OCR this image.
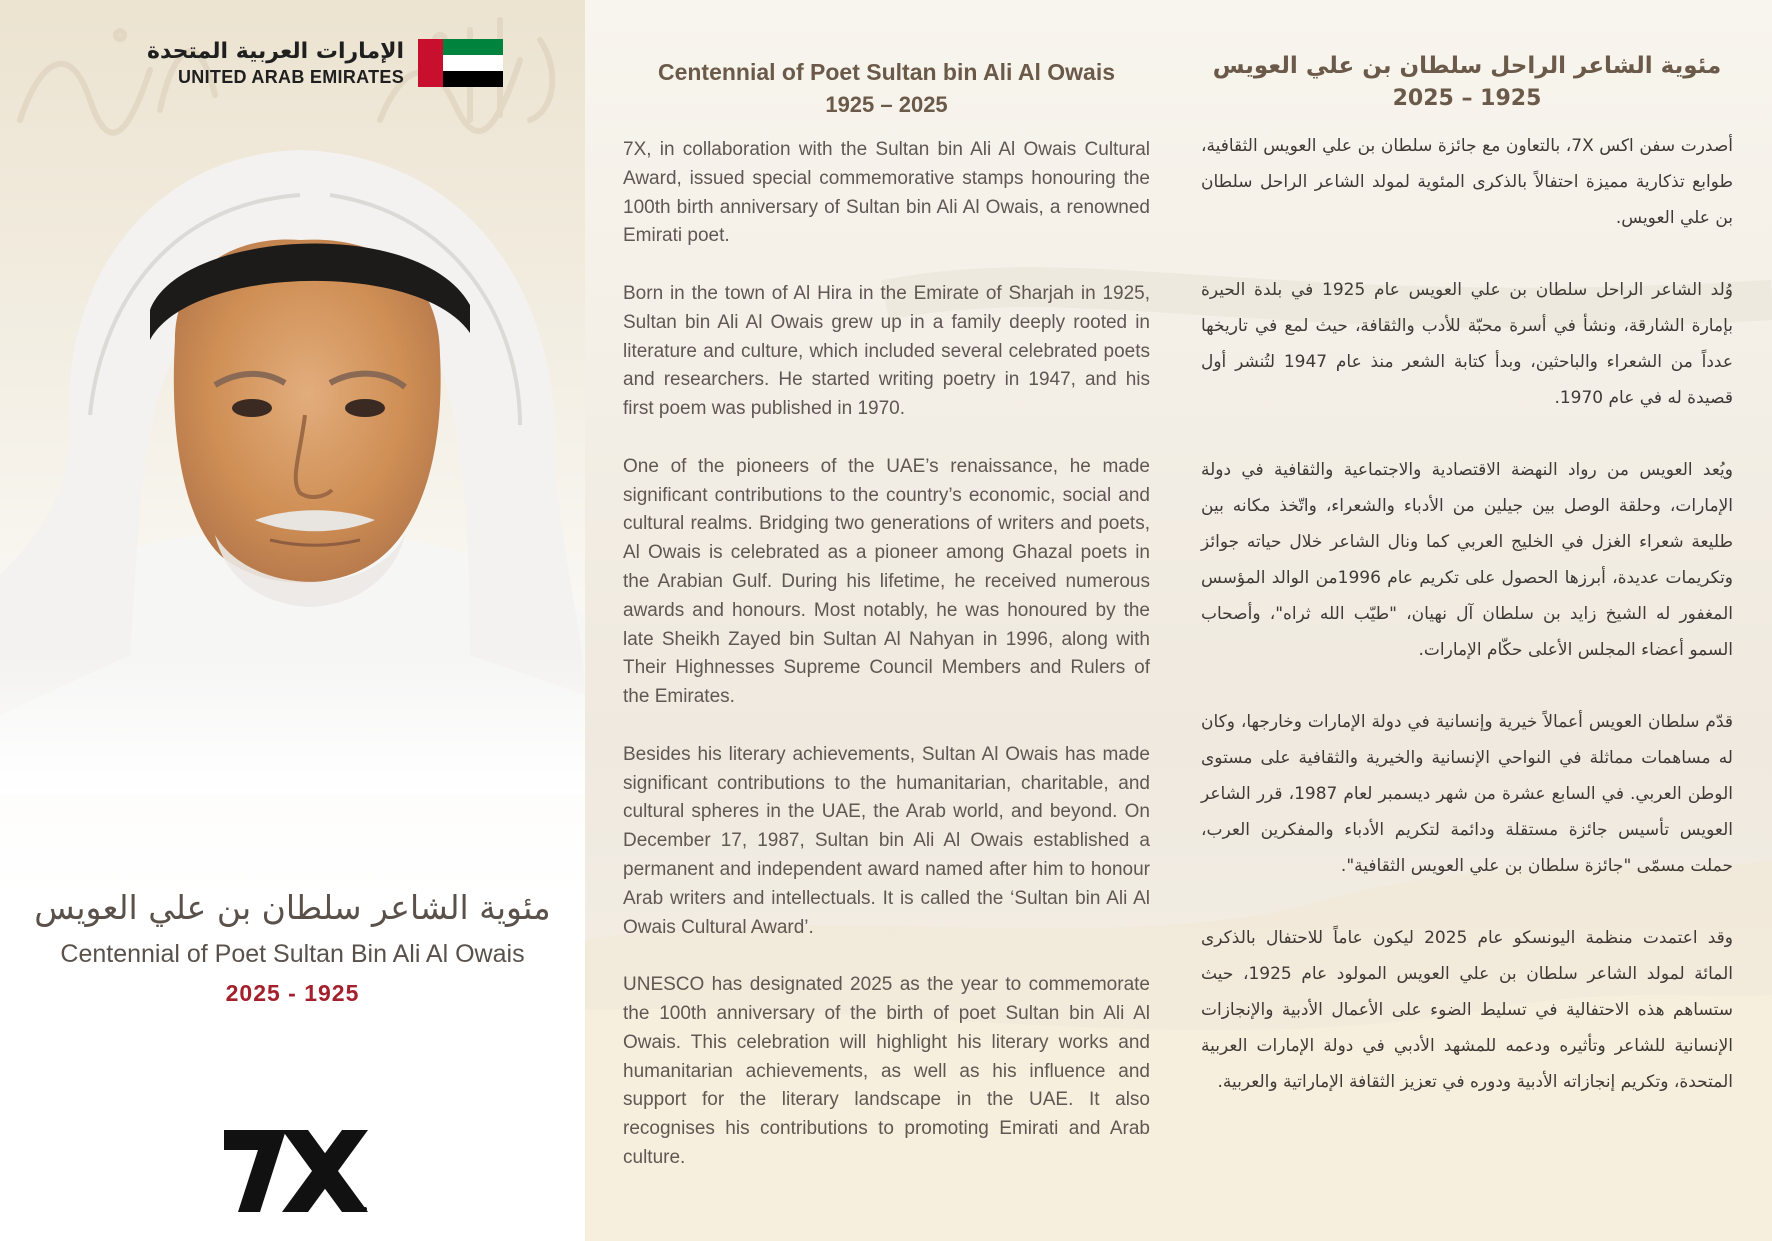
الإمارات العربية المتحدة
UNITED ARAB EMIRATES
مئوية الشاعر سلطان بن علي العويس
Centennial of Poet Sultan Bin Ali Al Owais
2025 - 1925
Centennial of Poet Sultan bin Ali Al Owais
1925 – 2025

7X, in collaboration with the Sultan bin Ali Al Owais Cultural Award, issued special commemorative stamps honouring the 100th birth anniversary of Sultan bin Ali Al Owais, a renowned Emirati poet.

Born in the town of Al Hira in the Emirate of Sharjah in 1925, Sultan bin Ali Al Owais grew up in a family deeply rooted in literature and culture, which included several celebrated poets and researchers. He started writing poetry in 1947, and his first poem was published in 1970.

One of the pioneers of the UAE’s renaissance, he made significant contributions to the country’s economic, social and cultural realms. Bridging two generations of writers and poets, Al Owais is celebrated as a pioneer among Ghazal poets in the Arabian Gulf. During his lifetime, he received numerous awards and honours. Most notably, he was honoured by the late Sheikh Zayed bin Sultan Al Nahyan in 1996, along with Their Highnesses Supreme Council Members and Rulers of the Emirates.

Besides his literary achievements, Sultan Al Owais has made significant contributions to the humanitarian, charitable, and cultural spheres in the UAE, the Arab world, and beyond. On December 17, 1987, Sultan bin Ali Al Owais established a permanent and independent award named after him to honour Arab writers and intellectuals. It is called the ‘Sultan bin Ali Al Owais Cultural Award’.

UNESCO has designated 2025 as the year to commemorate the 100th anniversary of the birth of poet Sultan bin Ali Al Owais. This celebration will highlight his literary works and humanitarian achievements, as well as his influence and support for the literary landscape in the UAE. It also recognises his contributions to promoting Emirati and Arab culture.

مئوية الشاعر الراحل سلطان بن علي العويس
1925 – 2025

أصدرت سفن اكس 7X، بالتعاون مع جائزة سلطان بن علي العويس الثقافية، طوابع تذكارية مميزة احتفالاً بالذكرى المئوية لمولد الشاعر الراحل سلطان بن علي العويس.

وُلد الشاعر الراحل سلطان بن علي العويس عام 1925 في بلدة الحيرة بإمارة الشارقة، ونشأ في أسرة محبّة للأدب والثقافة، حيث لمع في تاريخها عدداً من الشعراء والباحثين، وبدأ كتابة الشعر منذ عام 1947 لتُنشر أول قصيدة له في عام 1970.

ويُعد العويس من رواد النهضة الاقتصادية والاجتماعية والثقافية في دولة الإمارات، وحلقة الوصل بين جيلين من الأدباء والشعراء، واتّخذ مكانه بين طليعة شعراء الغزل في الخليج العربي كما ونال الشاعر خلال حياته جوائز وتكريمات عديدة، أبرزها الحصول على تكريم عام 1996من الوالد المؤسس المغفور له الشيخ زايد بن سلطان آل نهيان، "طيّب الله ثراه"، وأصحاب السمو أعضاء المجلس الأعلى حكّام الإمارات.

قدّم سلطان العويس أعمالاً خيرية وإنسانية في دولة الإمارات وخارجها، وكان له مساهمات مماثلة في النواحي الإنسانية والخيرية والثقافية على مستوى الوطن العربي. في السابع عشرة من شهر ديسمبر لعام 1987، قرر الشاعر العويس تأسيس جائزة مستقلة ودائمة لتكريم الأدباء والمفكرين العرب، حملت مسمّى "جائزة سلطان بن علي العويس الثقافية".

وقد اعتمدت منظمة اليونسكو عام 2025 ليكون عاماً للاحتفال بالذكرى المائة لمولد الشاعر سلطان بن علي العويس المولود عام 1925، حيث ستساهم هذه الاحتفالية في تسليط الضوء على الأعمال الأدبية والإنجازات الإنسانية للشاعر وتأثيره ودعمه للمشهد الأدبي في دولة الإمارات العربية المتحدة، وتكريم إنجازاته الأدبية ودوره في تعزيز الثقافة الإماراتية والعربية.
